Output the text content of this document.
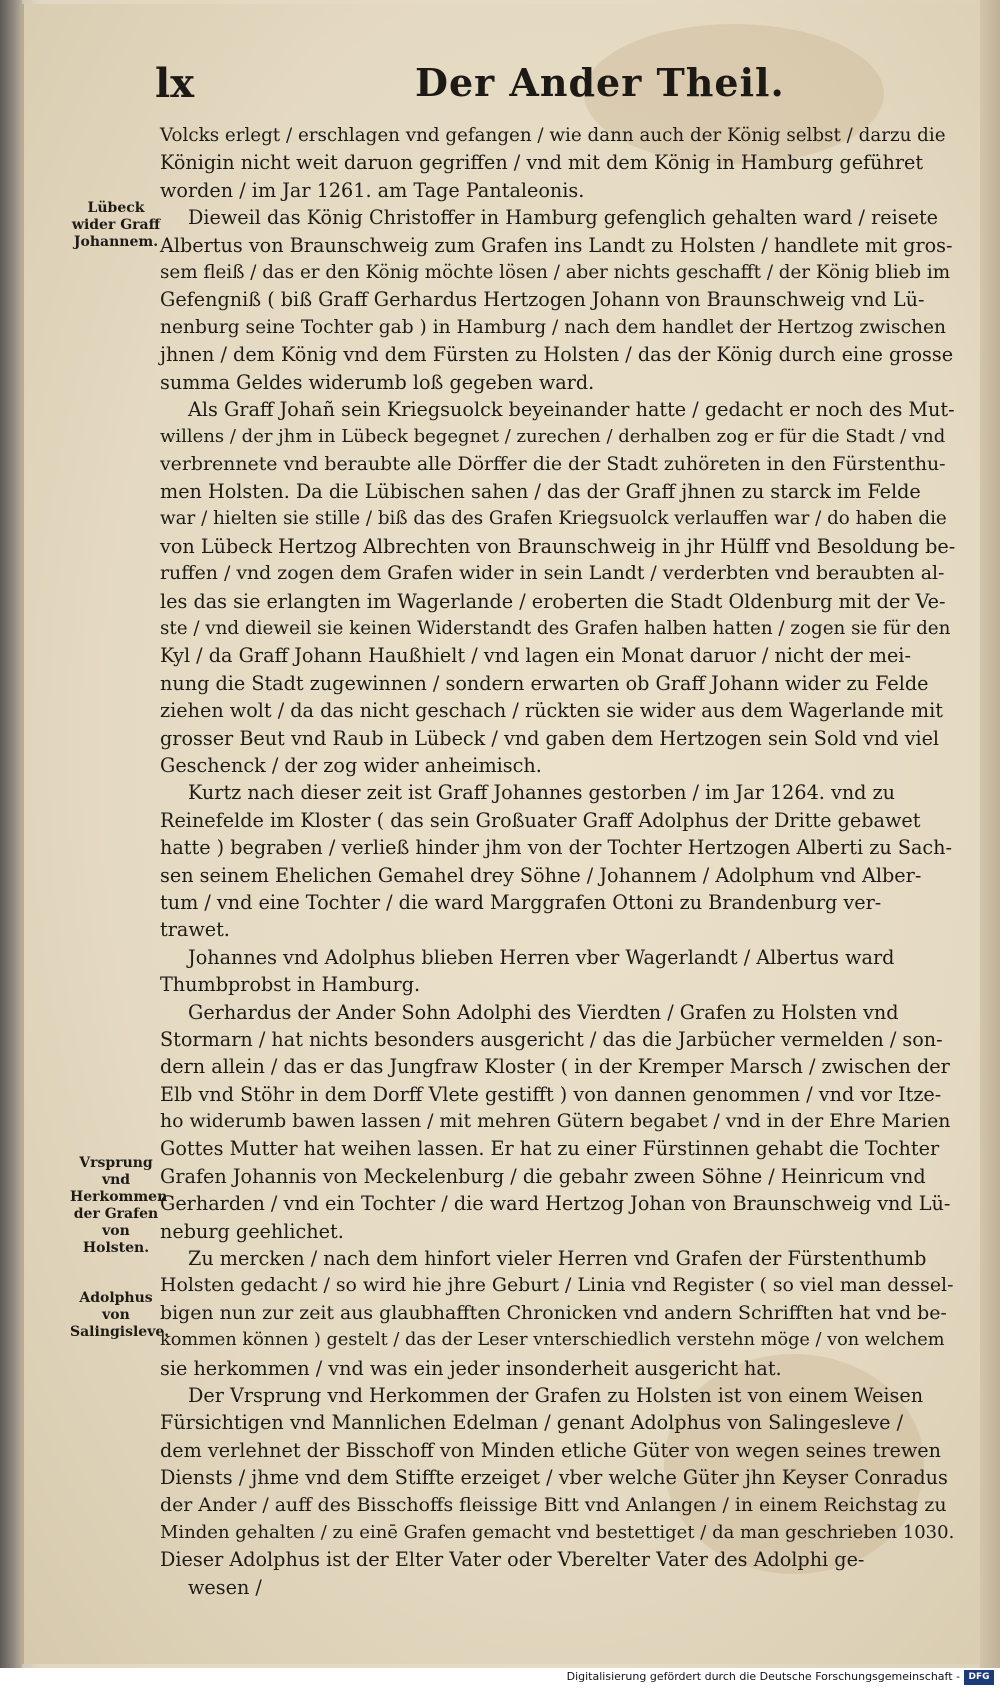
lx	Der Ander Theil.
Lübeck wider Graff Johannem.
Vrsprung vnd Herkommen der Grafen von Holsten.
Adolphus von Salingisleve.
Volcks erlegt / erschlagen vnd gefangen / wie dann auch der König selbst / darzu die
Königin nicht weit daruon gegriffen / vnd mit dem König in Hamburg geführet
worden / im Jar 1261. am Tage Pantaleonis.
Dieweil das König Christoffer in Hamburg gefenglich gehalten ward / reisete
Albertus von Braunschweig zum Grafen ins Landt zu Holsten / handlete mit gros-
sem fleiß / das er den König möchte lösen / aber nichts geschafft / der König blieb im
Gefengniß ( biß Graff Gerhardus Hertzogen Johann von Braunschweig vnd Lü-
nenburg seine Tochter gab ) in Hamburg / nach dem handlet der Hertzog zwischen
jhnen / dem König vnd dem Fürsten zu Holsten / das der König durch eine grosse
summa Geldes widerumb loß gegeben ward.
Als Graff Johañ sein Kriegsuolck beyeinander hatte / gedacht er noch des Mut-
willens / der jhm in Lübeck begegnet / zurechen / derhalben zog er für die Stadt / vnd
verbrennete vnd beraubte alle Dörffer die der Stadt zuhöreten in den Fürstenthu-
men Holsten. Da die Lübischen sahen / das der Graff jhnen zu starck im Felde
war / hielten sie stille / biß das des Grafen Kriegsuolck verlauffen war / do haben die
von Lübeck Hertzog Albrechten von Braunschweig in jhr Hülff vnd Besoldung be-
ruffen / vnd zogen dem Grafen wider in sein Landt / verderbten vnd beraubten al-
les das sie erlangten im Wagerlande / eroberten die Stadt Oldenburg mit der Ve-
ste / vnd dieweil sie keinen Widerstandt des Grafen halben hatten / zogen sie für den
Kyl / da Graff Johann Haußhielt / vnd lagen ein Monat daruor / nicht der mei-
nung die Stadt zugewinnen / sondern erwarten ob Graff Johann wider zu Felde
ziehen wolt / da das nicht geschach / rückten sie wider aus dem Wagerlande mit
grosser Beut vnd Raub in Lübeck / vnd gaben dem Hertzogen sein Sold vnd viel
Geschenck / der zog wider anheimisch.
Kurtz nach dieser zeit ist Graff Johannes gestorben / im Jar 1264. vnd zu
Reinefelde im Kloster ( das sein Großuater Graff Adolphus der Dritte gebawet
hatte ) begraben / verließ hinder jhm von der Tochter Hertzogen Alberti zu Sach-
sen seinem Ehelichen Gemahel drey Söhne / Johannem / Adolphum vnd Alber-
tum / vnd eine Tochter / die ward Marggrafen Ottoni zu Brandenburg ver-
trawet.
Johannes vnd Adolphus blieben Herren vber Wagerlandt / Albertus ward
Thumbprobst in Hamburg.
Gerhardus der Ander Sohn Adolphi des Vierdten / Grafen zu Holsten vnd
Stormarn / hat nichts besonders ausgericht / das die Jarbücher vermelden / son-
dern allein / das er das Jungfraw Kloster ( in der Kremper Marsch / zwischen der
Elb vnd Stöhr in dem Dorff Vlete gestifft ) von dannen genommen / vnd vor Itze-
ho widerumb bawen lassen / mit mehren Gütern begabet / vnd in der Ehre Marien
Gottes Mutter hat weihen lassen. Er hat zu einer Fürstinnen gehabt die Tochter
Grafen Johannis von Meckelenburg / die gebahr zween Söhne / Heinricum vnd
Gerharden / vnd ein Tochter / die ward Hertzog Johan von Braunschweig vnd Lü-
neburg geehlichet.
Zu mercken / nach dem hinfort vieler Herren vnd Grafen der Fürstenthumb
Holsten gedacht / so wird hie jhre Geburt / Linia vnd Register ( so viel man dessel-
bigen nun zur zeit aus glaubhafften Chronicken vnd andern Schrifften hat vnd be-
kommen können ) gestelt / das der Leser vnterschiedlich verstehn möge / von welchem
sie herkommen / vnd was ein jeder insonderheit ausgericht hat.
Der Vrsprung vnd Herkommen der Grafen zu Holsten ist von einem Weisen
Fürsichtigen vnd Mannlichen Edelman / genant Adolphus von Salingesleve /
dem verlehnet der Bisschoff von Minden etliche Güter von wegen seines trewen
Diensts / jhme vnd dem Stiffte erzeiget / vber welche Güter jhn Keyser Conradus
der Ander / auff des Bisschoffs fleissige Bitt vnd Anlangen / in einem Reichstag zu
Minden gehalten / zu einē Grafen gemacht vnd bestettiget / da man geschrieben 1030.
Dieser Adolphus ist der Elter Vater oder Vberelter Vater des Adolphi ge-
wesen /
Digitalisierung gefördert durch die Deutsche Forschungsgemeinschaft - DFG
